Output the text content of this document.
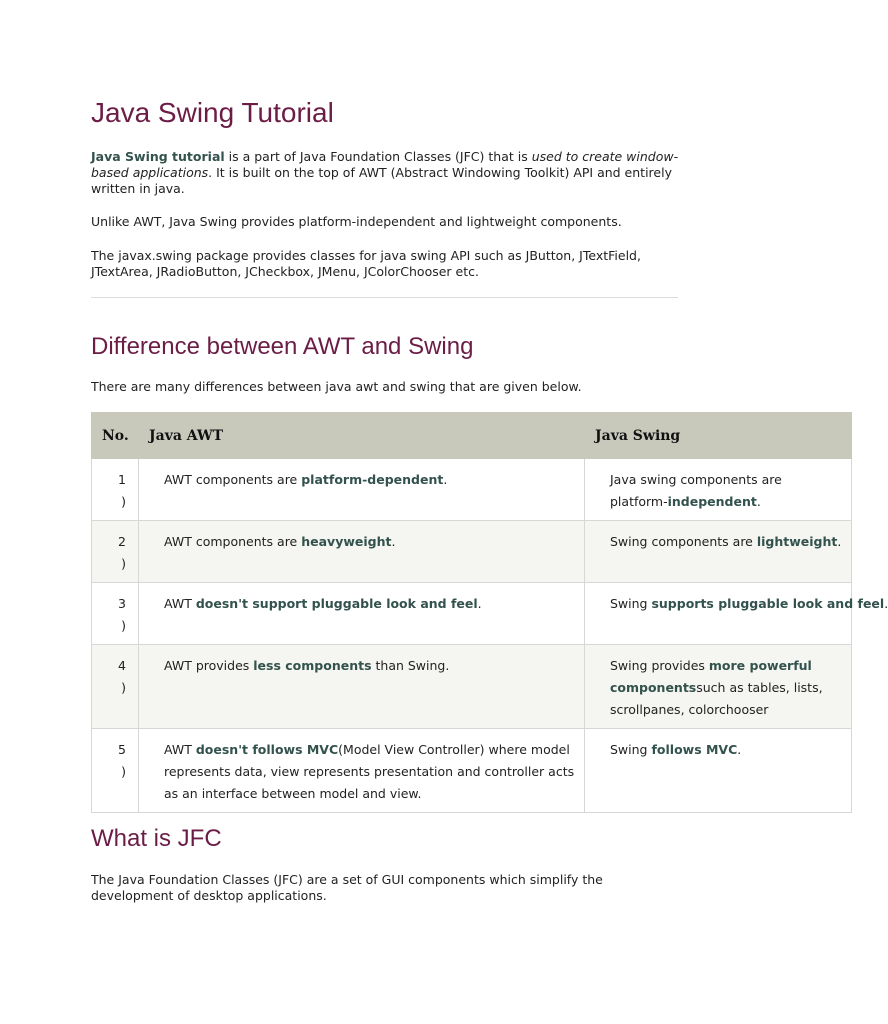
Java Swing Tutorial

Java Swing tutorial is a part of Java Foundation Classes (JFC) that is used to create window-based applications. It is built on the top of AWT (Abstract Windowing Toolkit) API and entirely written in java.

Unlike AWT, Java Swing provides platform-independent and lightweight components.

The javax.swing package provides classes for java swing API such as JButton, JTextField, JTextArea, JRadioButton, JCheckbox, JMenu, JColorChooser etc.

Difference between AWT and Swing

There are many differences between java awt and swing that are given below.

No.	Java AWT	Java Swing
1
)	AWT components are platform-dependent.	Java swing components are platform-independent.
2
)	AWT components are heavyweight.	Swing components are lightweight.
3
)	AWT doesn't support pluggable look and feel.	Swing supports pluggable look and feel.
4
)	AWT provides less components than Swing.	Swing provides more powerful componentssuch as tables, lists, scrollpanes, colorchooser
5
)	AWT doesn't follows MVC(Model View Controller) where model represents data, view represents presentation and controller acts as an interface between model and view.	Swing follows MVC.
What is JFC

The Java Foundation Classes (JFC) are a set of GUI components which simplify the development of desktop applications.
